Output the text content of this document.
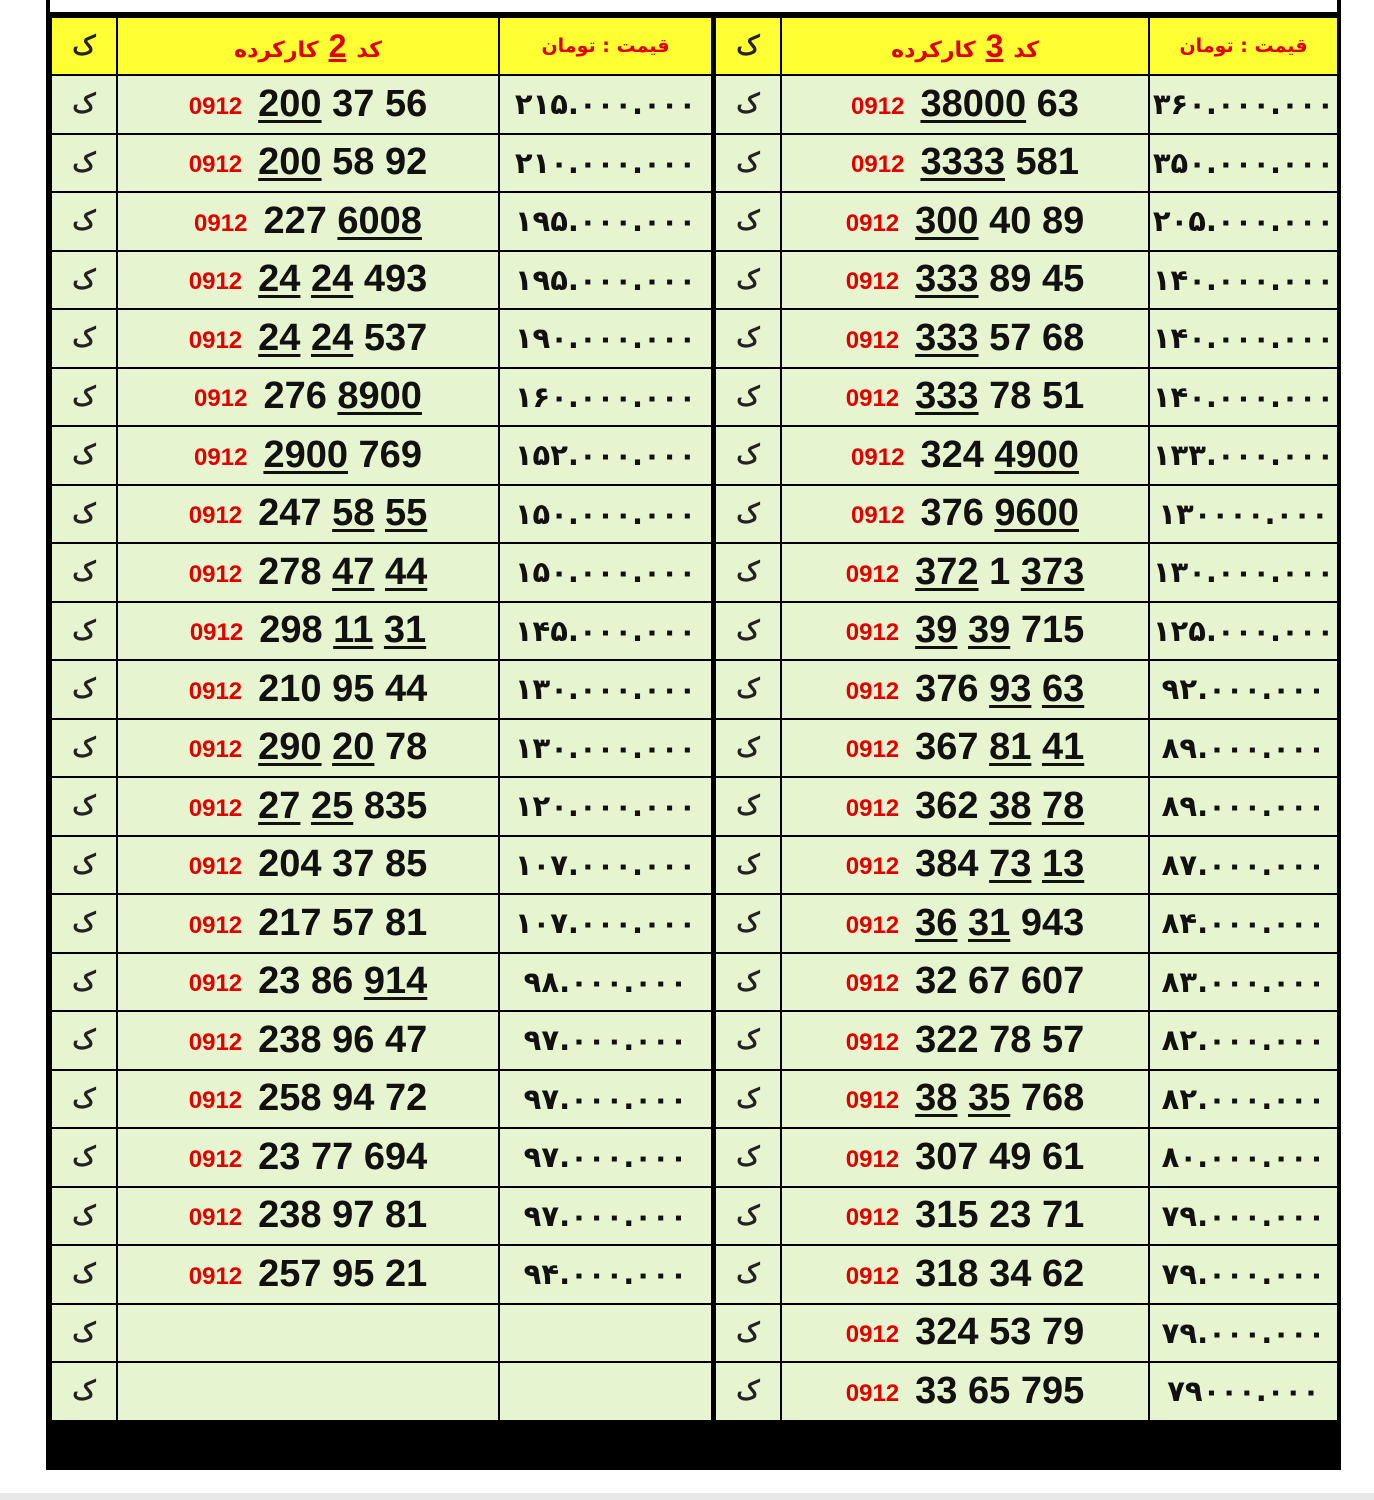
ک	کد2کارکرده	قیمت : تومان
ک	0912 200 37 56	۲۱۵.۰۰۰.۰۰۰
ک	0912 200 58 92	۲۱۰.۰۰۰.۰۰۰
ک	0912 227 6008	۱۹۵.۰۰۰.۰۰۰
ک	0912 24 24 493	۱۹۵.۰۰۰.۰۰۰
ک	0912 24 24 537	۱۹۰.۰۰۰.۰۰۰
ک	0912 276 8900	۱۶۰.۰۰۰.۰۰۰
ک	0912 2900 769	۱۵۲.۰۰۰.۰۰۰
ک	0912 247 58 55	۱۵۰.۰۰۰.۰۰۰
ک	0912 278 47 44	۱۵۰.۰۰۰.۰۰۰
ک	0912 298 11 31	۱۴۵.۰۰۰.۰۰۰
ک	0912 210 95 44	۱۳۰.۰۰۰.۰۰۰
ک	0912 290 20 78	۱۳۰.۰۰۰.۰۰۰
ک	0912 27 25 835	۱۲۰.۰۰۰.۰۰۰
ک	0912 204 37 85	۱۰۷.۰۰۰.۰۰۰
ک	0912 217 57 81	۱۰۷.۰۰۰.۰۰۰
ک	0912 23 86 914	۹۸.۰۰۰.۰۰۰
ک	0912 238 96 47	۹۷.۰۰۰.۰۰۰
ک	0912 258 94 72	۹۷.۰۰۰.۰۰۰
ک	0912 23 77 694	۹۷.۰۰۰.۰۰۰
ک	0912 238 97 81	۹۷.۰۰۰.۰۰۰
ک	0912 257 95 21	۹۴.۰۰۰.۰۰۰
ک		
ک		
ک	کد3کارکرده	قیمت : تومان
ک	0912 38000 63	۳۶۰.۰۰۰.۰۰۰
ک	0912 3333 581	۳۵۰.۰۰۰.۰۰۰
ک	0912 300 40 89	۲۰۵.۰۰۰.۰۰۰
ک	0912 333 89 45	۱۴۰.۰۰۰.۰۰۰
ک	0912 333 57 68	۱۴۰.۰۰۰.۰۰۰
ک	0912 333 78 51	۱۴۰.۰۰۰.۰۰۰
ک	0912 324 4900	۱۳۳.۰۰۰.۰۰۰
ک	0912 376 9600	۱۳۰۰۰۰.۰۰۰
ک	0912 372 1 373	۱۳۰.۰۰۰.۰۰۰
ک	0912 39 39 715	۱۲۵.۰۰۰.۰۰۰
ک	0912 376 93 63	۹۲.۰۰۰.۰۰۰
ک	0912 367 81 41	۸۹.۰۰۰.۰۰۰
ک	0912 362 38 78	۸۹.۰۰۰.۰۰۰
ک	0912 384 73 13	۸۷.۰۰۰.۰۰۰
ک	0912 36 31 943	۸۴.۰۰۰.۰۰۰
ک	0912 32 67 607	۸۳.۰۰۰.۰۰۰
ک	0912 322 78 57	۸۲.۰۰۰.۰۰۰
ک	0912 38 35 768	۸۲.۰۰۰.۰۰۰
ک	0912 307 49 61	۸۰.۰۰۰.۰۰۰
ک	0912 315 23 71	۷۹.۰۰۰.۰۰۰
ک	0912 318 34 62	۷۹.۰۰۰.۰۰۰
ک	0912 324 53 79	۷۹.۰۰۰.۰۰۰
ک	0912 33 65 795	۷۹۰۰۰.۰۰۰
